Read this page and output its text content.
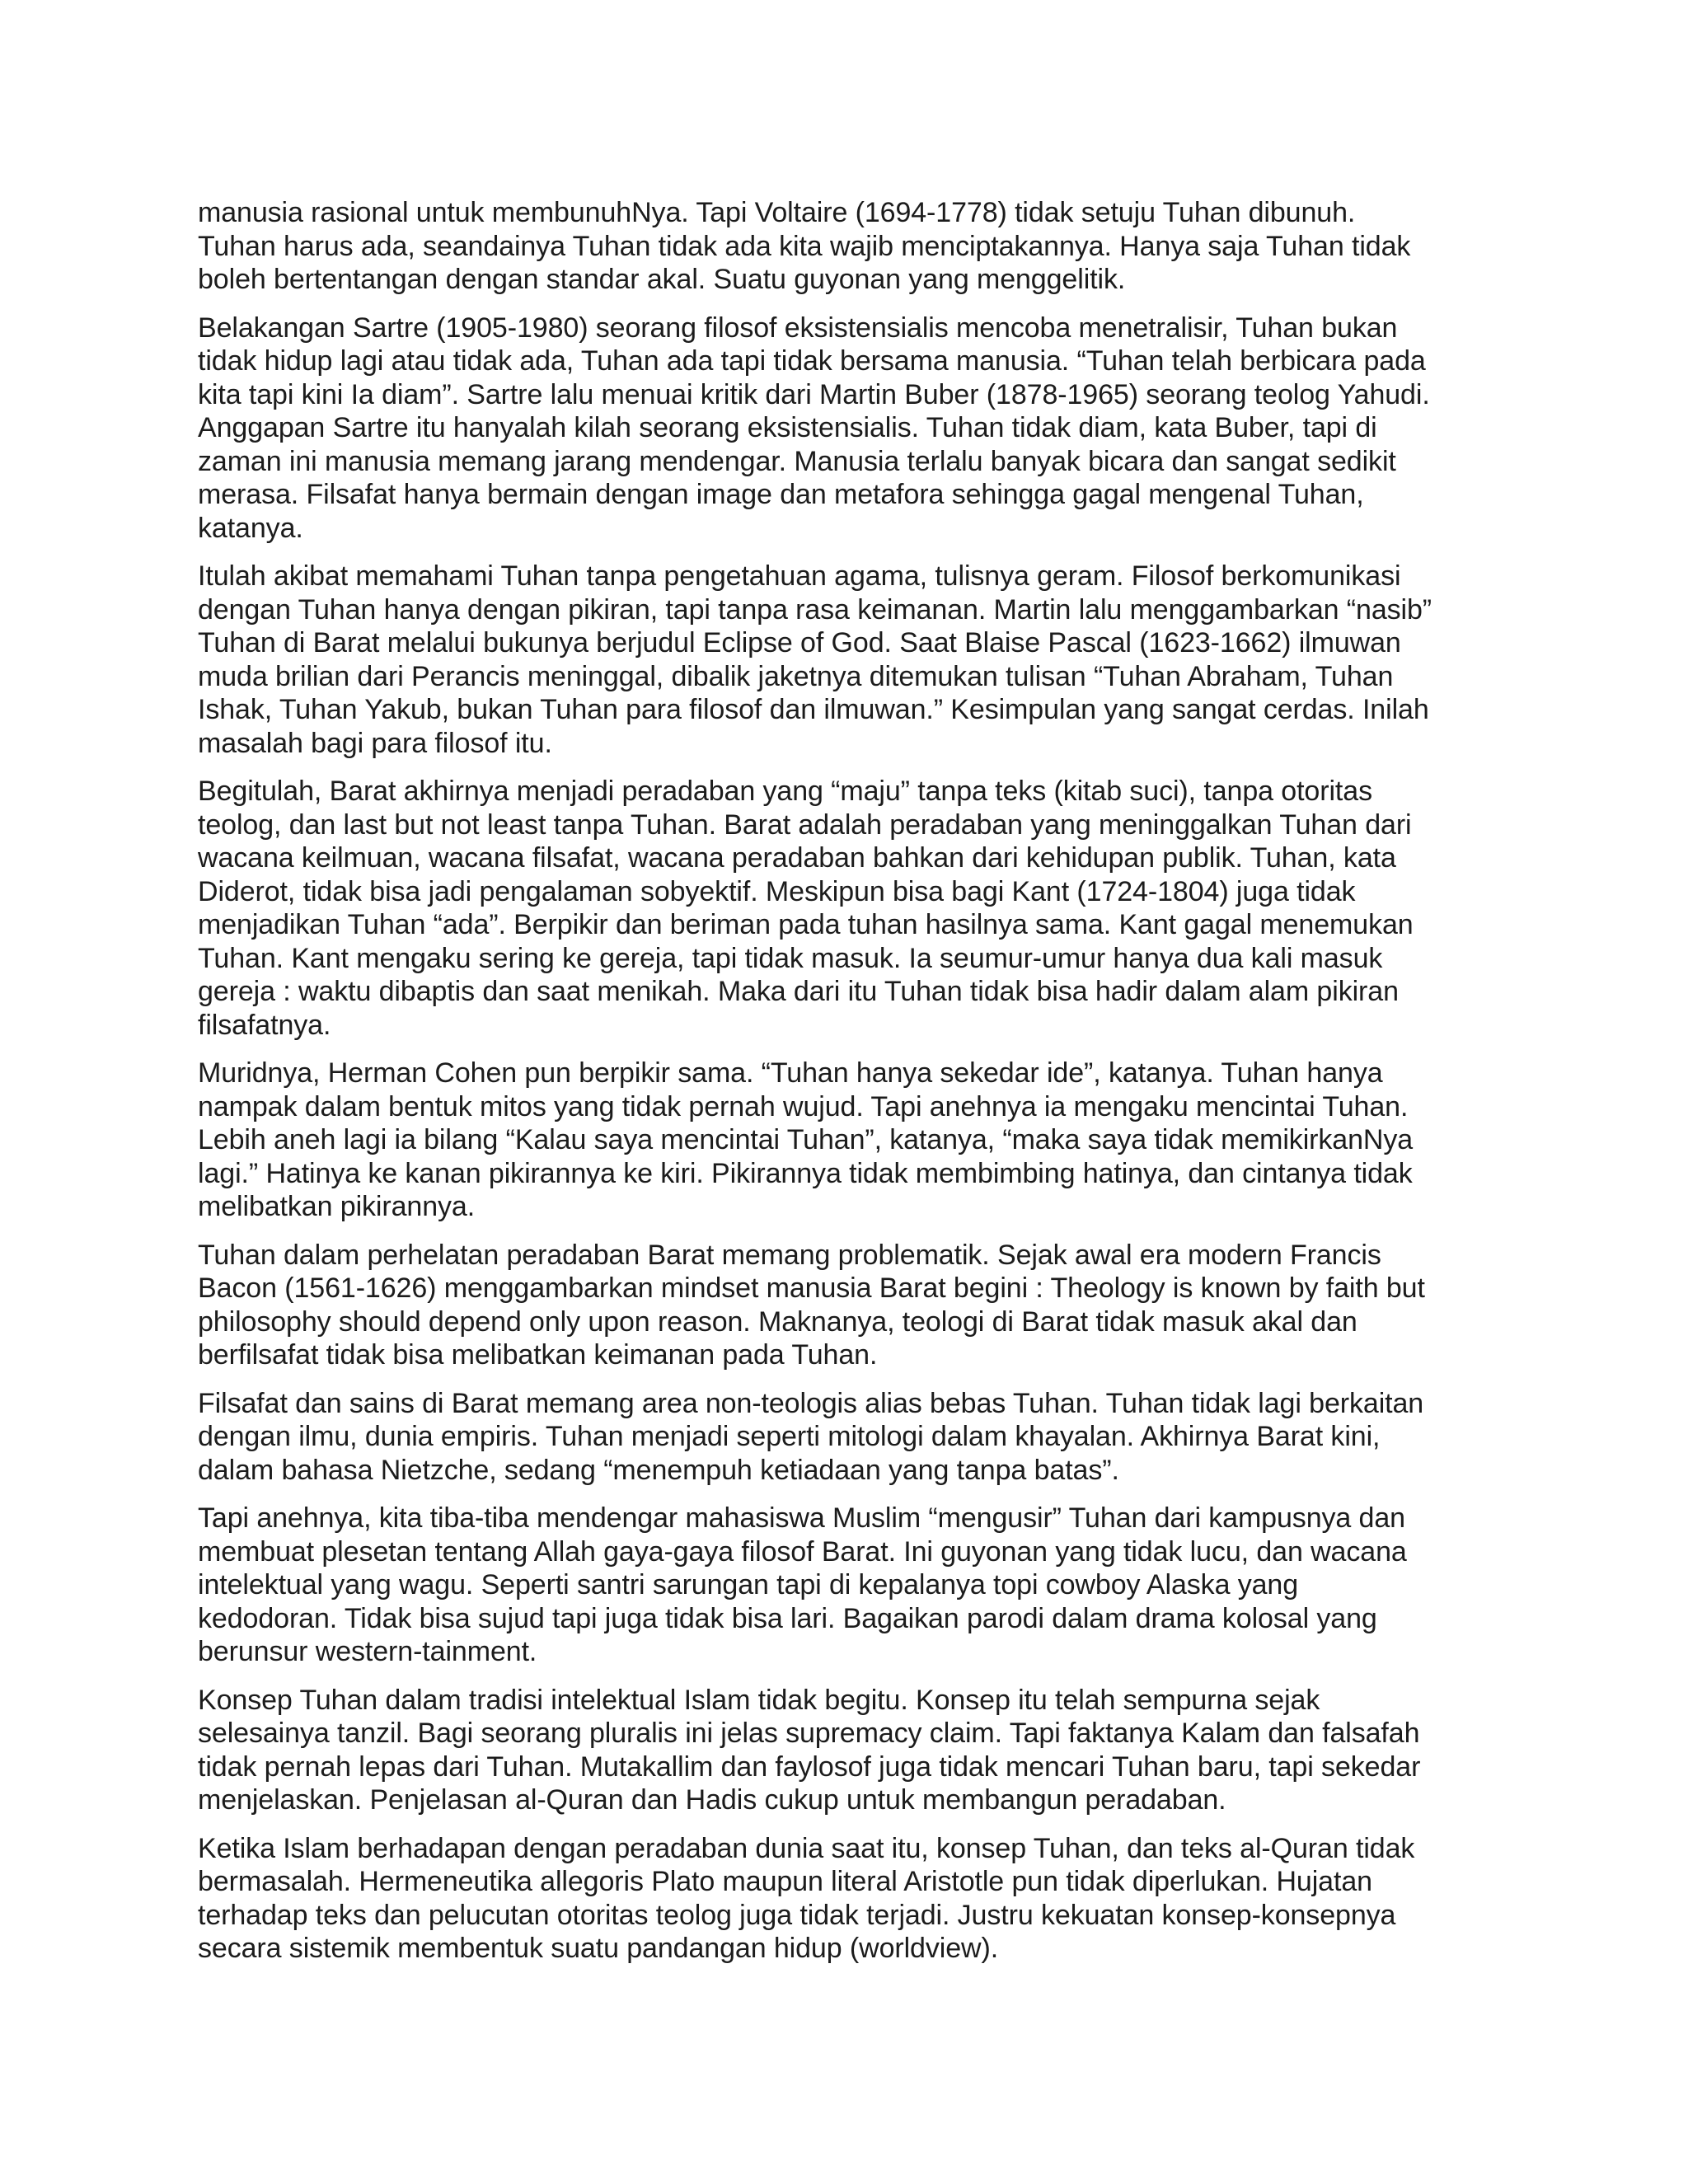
manusia rasional untuk membunuhNya. Tapi Voltaire (1694-1778) tidak setuju Tuhan dibunuh.
Tuhan harus ada, seandainya Tuhan tidak ada kita wajib menciptakannya. Hanya saja Tuhan tidak
boleh bertentangan dengan standar akal. Suatu guyonan yang menggelitik.

Belakangan Sartre (1905-1980) seorang filosof eksistensialis mencoba menetralisir, Tuhan bukan
tidak hidup lagi atau tidak ada, Tuhan ada tapi tidak bersama manusia. “Tuhan telah berbicara pada
kita tapi kini Ia diam”. Sartre lalu menuai kritik dari Martin Buber (1878-1965) seorang teolog Yahudi.
Anggapan Sartre itu hanyalah kilah seorang eksistensialis. Tuhan tidak diam, kata Buber, tapi di
zaman ini manusia memang jarang mendengar. Manusia terlalu banyak bicara dan sangat sedikit
merasa. Filsafat hanya bermain dengan image dan metafora sehingga gagal mengenal Tuhan,
katanya.

Itulah akibat memahami Tuhan tanpa pengetahuan agama, tulisnya geram. Filosof berkomunikasi
dengan Tuhan hanya dengan pikiran, tapi tanpa rasa keimanan. Martin lalu menggambarkan “nasib”
Tuhan di Barat melalui bukunya berjudul Eclipse of God. Saat Blaise Pascal (1623-1662) ilmuwan
muda brilian dari Perancis meninggal, dibalik jaketnya ditemukan tulisan “Tuhan Abraham, Tuhan
Ishak, Tuhan Yakub, bukan Tuhan para filosof dan ilmuwan.” Kesimpulan yang sangat cerdas. Inilah
masalah bagi para filosof itu.

Begitulah, Barat akhirnya menjadi peradaban yang “maju” tanpa teks (kitab suci), tanpa otoritas
teolog, dan last but not least tanpa Tuhan. Barat adalah peradaban yang meninggalkan Tuhan dari
wacana keilmuan, wacana filsafat, wacana peradaban bahkan dari kehidupan publik. Tuhan, kata
Diderot, tidak bisa jadi pengalaman sobyektif. Meskipun bisa bagi Kant (1724-1804) juga tidak
menjadikan Tuhan “ada”. Berpikir dan beriman pada tuhan hasilnya sama. Kant gagal menemukan
Tuhan. Kant mengaku sering ke gereja, tapi tidak masuk. Ia seumur-umur hanya dua kali masuk
gereja : waktu dibaptis dan saat menikah. Maka dari itu Tuhan tidak bisa hadir dalam alam pikiran
filsafatnya.

Muridnya, Herman Cohen pun berpikir sama. “Tuhan hanya sekedar ide”, katanya. Tuhan hanya
nampak dalam bentuk mitos yang tidak pernah wujud. Tapi anehnya ia mengaku mencintai Tuhan.
Lebih aneh lagi ia bilang “Kalau saya mencintai Tuhan”, katanya, “maka saya tidak memikirkanNya
lagi.” Hatinya ke kanan pikirannya ke kiri. Pikirannya tidak membimbing hatinya, dan cintanya tidak
melibatkan pikirannya.

Tuhan dalam perhelatan peradaban Barat memang problematik. Sejak awal era modern Francis
Bacon (1561-1626) menggambarkan mindset manusia Barat begini : Theology is known by faith but
philosophy should depend only upon reason. Maknanya, teologi di Barat tidak masuk akal dan
berfilsafat tidak bisa melibatkan keimanan pada Tuhan.

Filsafat dan sains di Barat memang area non-teologis alias bebas Tuhan. Tuhan tidak lagi berkaitan
dengan ilmu, dunia empiris. Tuhan menjadi seperti mitologi dalam khayalan. Akhirnya Barat kini,
dalam bahasa Nietzche, sedang “menempuh ketiadaan yang tanpa batas”.

Tapi anehnya, kita tiba-tiba mendengar mahasiswa Muslim “mengusir” Tuhan dari kampusnya dan
membuat plesetan tentang Allah gaya-gaya filosof Barat. Ini guyonan yang tidak lucu, dan wacana
intelektual yang wagu. Seperti santri sarungan tapi di kepalanya topi cowboy Alaska yang
kedodoran. Tidak bisa sujud tapi juga tidak bisa lari. Bagaikan parodi dalam drama kolosal yang
berunsur western-tainment.

Konsep Tuhan dalam tradisi intelektual Islam tidak begitu. Konsep itu telah sempurna sejak
selesainya tanzil. Bagi seorang pluralis ini jelas supremacy claim. Tapi faktanya Kalam dan falsafah
tidak pernah lepas dari Tuhan. Mutakallim dan faylosof juga tidak mencari Tuhan baru, tapi sekedar
menjelaskan. Penjelasan al-Quran dan Hadis cukup untuk membangun peradaban.

Ketika Islam berhadapan dengan peradaban dunia saat itu, konsep Tuhan, dan teks al-Quran tidak
bermasalah. Hermeneutika allegoris Plato maupun literal Aristotle pun tidak diperlukan. Hujatan
terhadap teks dan pelucutan otoritas teolog juga tidak terjadi. Justru kekuatan konsep-konsepnya
secara sistemik membentuk suatu pandangan hidup (worldview).
